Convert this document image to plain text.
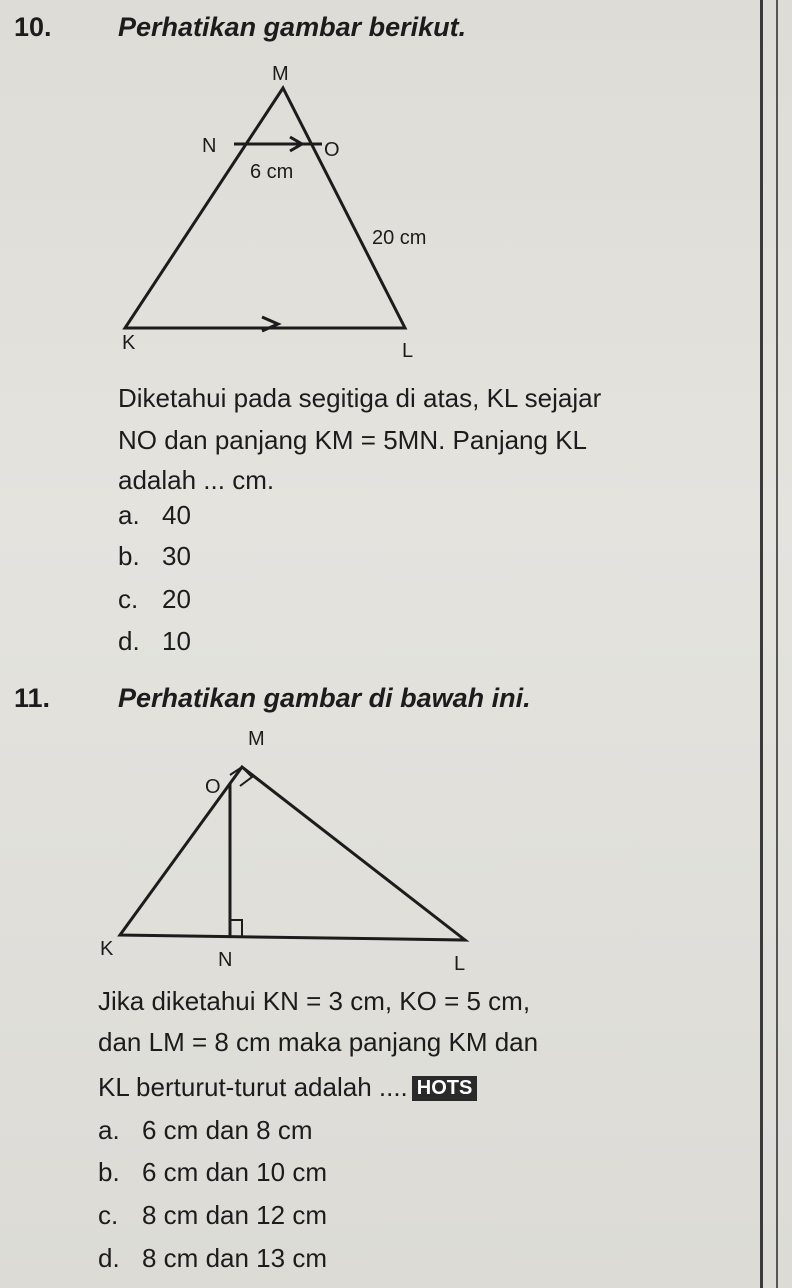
10. Perhatikan gambar berikut.
M
N	O
6 cm
20 cm
K	L
Diketahui pada segitiga di atas, KL sejajar
NO dan panjang KM = 5MN. Panjang KL
adalah ... cm.
a. 40
b. 30
c. 20
d. 10
11.	Perhatikan gambar di bawah ini.
M
O
K	N	L
Jika diketahui KN = 3 cm, KO = 5 cm,
dan LM = 8 cm maka panjang KM dan
KL berturut-turut adalah .... HOTS
a. 6 cm dan 8 cm
b. 6 cm dan 10 cm
c. 8 cm dan 12 cm
d. 8 cm dan 13 cm
